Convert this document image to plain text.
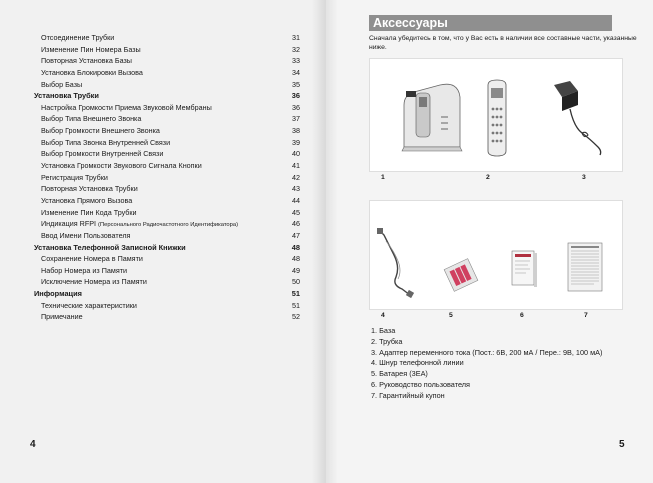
Отсоединение Трубки	31
Изменение Пин Номера Базы	32
Повторная Установка Базы	33
Установка Блокировки Вызова	34
Выбор Базы	35
Установка Трубки	36
Настройка Громкости Приема Звуковой Мембраны	36
Выбор Типа Внешнего Звонка	37
Выбор Громкости Внешнего Звонка	38
Выбор Типа Звонка Внутренней Связи	39
Выбор Громкости Внутренней Связи	40
Установка Громкости Звукового Сигнала Кнопки	41
Регистрация Трубки	42
Повторная Установка Трубки	43
Установка Прямого Вызова	44
Изменение Пин Кода Трубки	45
Индикация RFPI (Персонального Радиочастотного Идентификатора)	46
Ввод Имени Пользователя	47
Установка Телефонной Записной Книжки	48
Сохранение Номера в Памяти	48
Набор Номера из Памяти	49
Исключение Номера из Памяти	50
Информация	51
Технические характеристики	51
Примечание	52
4
Аксессуары
Сначала убедитесь в том, что у Вас есть в наличии все составные части, указанные ниже.
1	2	3
4	5	6	7
1. База
2. Трубка
3. Адаптер переменного тока (Пост.: 6В, 200 мА / Пере.: 9В, 100 мА)
4. Шнур телефонной линии
5. Батарея (3ЕА)
6. Руководство пользователя
7. Гарантийный купон
5
